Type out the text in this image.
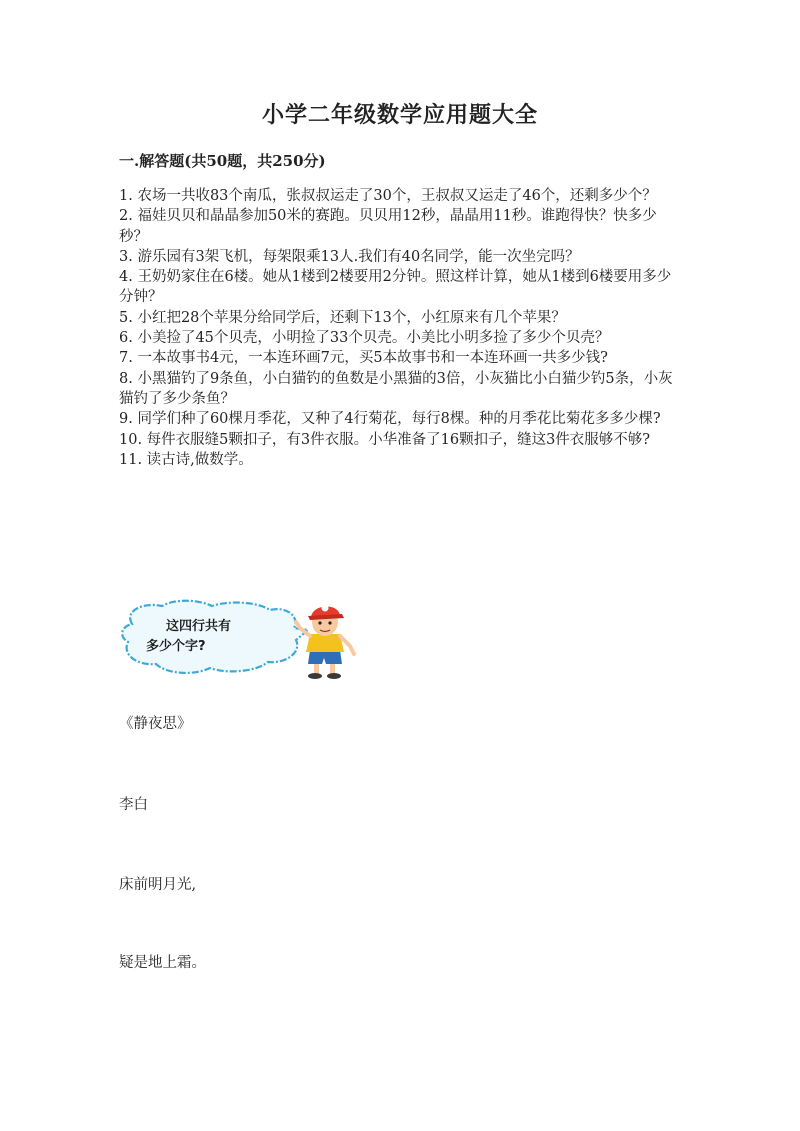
小学二年级数学应用题大全
一.解答题(共50题，共250分)
1. 农场一共收83个南瓜，张叔叔运走了30个，王叔叔又运走了46个，还剩多少个？
2. 福娃贝贝和晶晶参加50米的赛跑。贝贝用12秒，晶晶用11秒。谁跑得快？快多少秒？
3. 游乐园有3架飞机，每架限乘13人.我们有40名同学，能一次坐完吗？
4. 王奶奶家住在6楼。她从1楼到2楼要用2分钟。照这样计算，她从1楼到6楼要用多少分钟？
5. 小红把28个苹果分给同学后，还剩下13个，小红原来有几个苹果？
6. 小美捡了45个贝壳，小明捡了33个贝壳。小美比小明多捡了多少个贝壳？
7. 一本故事书4元，一本连环画7元，买5本故事书和一本连环画一共多少钱?
8. 小黑猫钓了9条鱼，小白猫钓的鱼数是小黑猫的3倍，小灰猫比小白猫少钓5条，小灰猫钓了多少条鱼？
9. 同学们种了60棵月季花，又种了4行菊花，每行8棵。种的月季花比菊花多多少棵?
10. 每件衣服缝5颗扣子，有3件衣服。小华准备了16颗扣子，缝这3件衣服够不够?
11. 读古诗,做数学。
这四行共有
多少个字?
《静夜思》
李白
床前明月光,
疑是地上霜。
